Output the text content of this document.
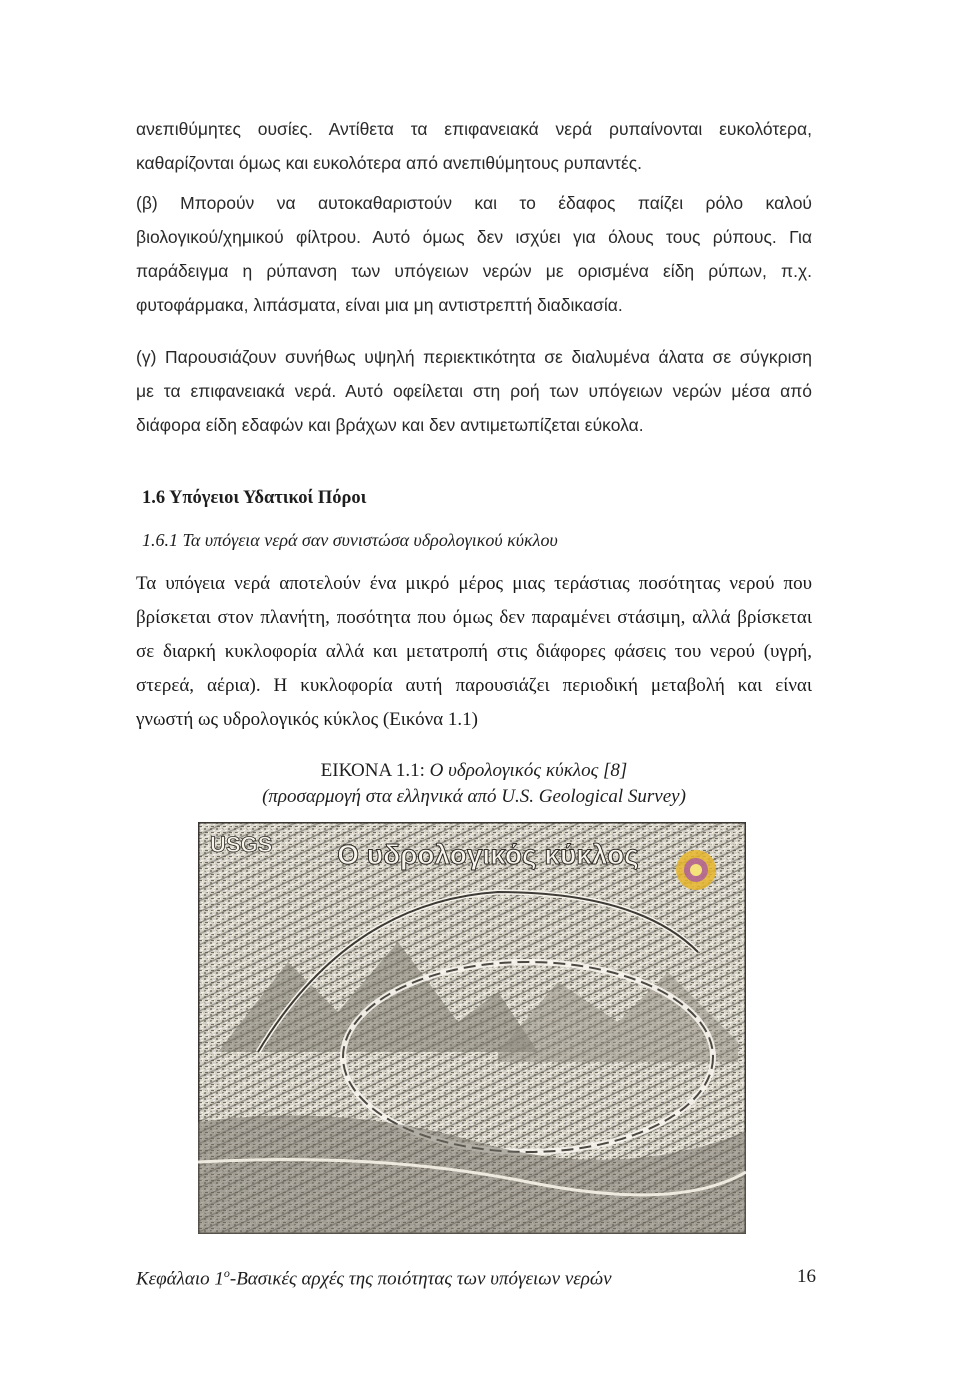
ανεπιθύμητες ουσίες. Αντίθετα τα επιφανειακά νερά ρυπαίνονται ευκολότερα,
καθαρίζονται όμως και ευκολότερα από ανεπιθύμητους ρυπαντές.
(β) Μπορούν να αυτοκαθαριστούν και το έδαφος παίζει ρόλο καλού
βιολογικού/χημικού φίλτρου. Αυτό όμως δεν ισχύει για όλους τους ρύπους. Για
παράδειγμα η ρύπανση των υπόγειων νερών με ορισμένα είδη ρύπων, π.χ.
φυτοφάρμακα, λιπάσματα, είναι μια μη αντιστρεπτή διαδικασία.
(γ) Παρουσιάζουν συνήθως υψηλή περιεκτικότητα σε διαλυμένα άλατα σε σύγκριση
με τα επιφανειακά νερά. Αυτό οφείλεται στη ροή των υπόγειων νερών μέσα από
διάφορα είδη εδαφών και βράχων και δεν αντιμετωπίζεται εύκολα.

1.6 Υπόγειοι Υδατικοί Πόροι

1.6.1 Τα υπόγεια νερά σαν συνιστώσα υδρολογικού κύκλου

Τα υπόγεια νερά αποτελούν ένα μικρό μέρος μιας τεράστιας ποσότητας νερού που
βρίσκεται στον πλανήτη, ποσότητα που όμως δεν παραμένει στάσιμη, αλλά βρίσκεται
σε διαρκή κυκλοφορία αλλά και μετατροπή στις διάφορες φάσεις του νερού (υγρή,
στερεά, αέρια). Η κυκλοφορία αυτή παρουσιάζει περιοδική μεταβολή και είναι
γνωστή ως υδρολογικός κύκλος (Εικόνα 1.1)
ΕΙΚΟΝΑ 1.1: Ο υδρολογικός κύκλος [8]
(προσαρμογή στα ελληνικά από U.S. Geological Survey)
USGS Ο υδρολογικός κύκλος

Κεφάλαιο $1^o$-Βασικές αρχές της ποιότητας των υπόγειων νερών	16
